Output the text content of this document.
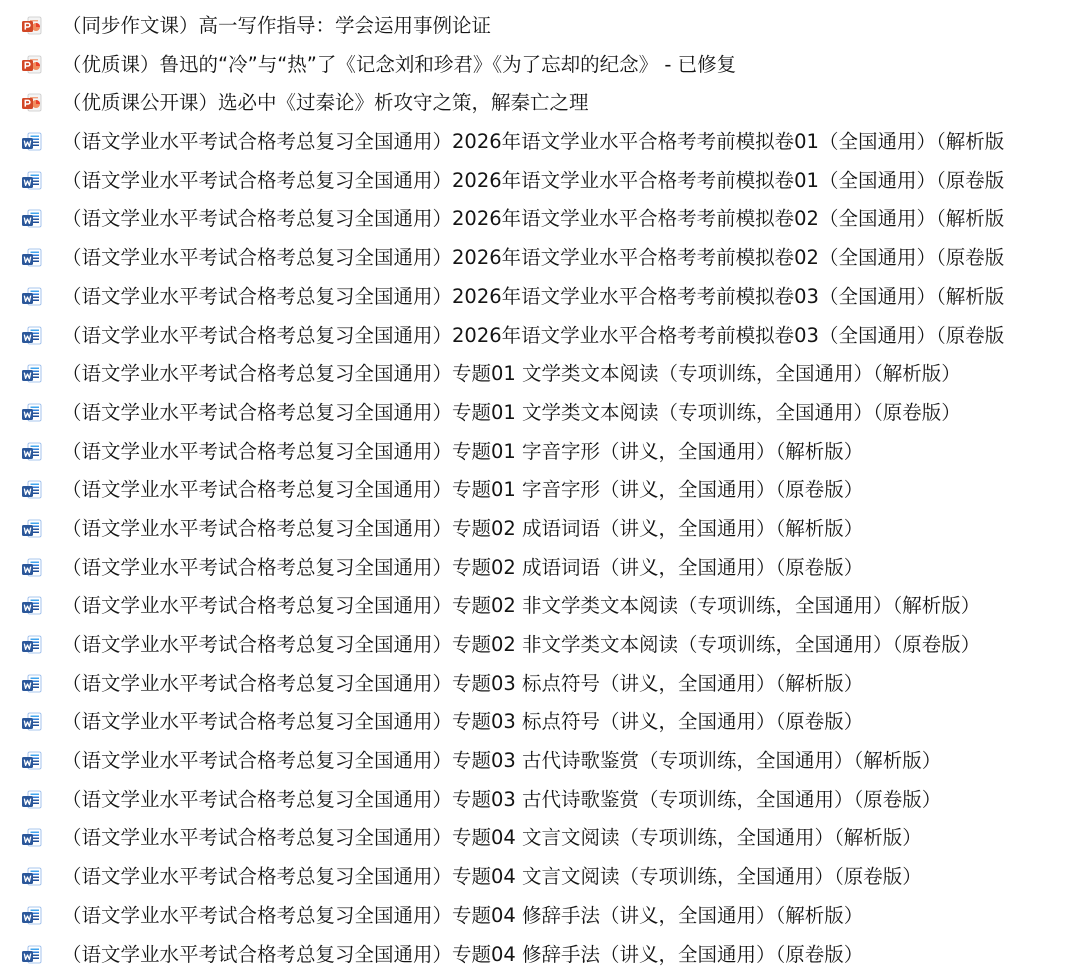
（同步作文课）高一写作指导：学会运用事例论证
（优质课）鲁迅的“冷”与“热”了《记念刘和珍君》《为了忘却的纪念》 - 已修复
（优质课公开课）选必中《过秦论》析攻守之策，解秦亡之理
（语文学业水平考试合格考总复习全国通用）2026年语文学业水平合格考考前模拟卷01（全国通用）（解析版
（语文学业水平考试合格考总复习全国通用）2026年语文学业水平合格考考前模拟卷01（全国通用）（原卷版
（语文学业水平考试合格考总复习全国通用）2026年语文学业水平合格考考前模拟卷02（全国通用）（解析版
（语文学业水平考试合格考总复习全国通用）2026年语文学业水平合格考考前模拟卷02（全国通用）（原卷版
（语文学业水平考试合格考总复习全国通用）2026年语文学业水平合格考考前模拟卷03（全国通用）（解析版
（语文学业水平考试合格考总复习全国通用）2026年语文学业水平合格考考前模拟卷03（全国通用）（原卷版
（语文学业水平考试合格考总复习全国通用）专题01 文学类文本阅读（专项训练，全国通用）（解析版）
（语文学业水平考试合格考总复习全国通用）专题01 文学类文本阅读（专项训练，全国通用）（原卷版）
（语文学业水平考试合格考总复习全国通用）专题01 字音字形（讲义，全国通用）（解析版）
（语文学业水平考试合格考总复习全国通用）专题01 字音字形（讲义，全国通用）（原卷版）
（语文学业水平考试合格考总复习全国通用）专题02 成语词语（讲义，全国通用）（解析版）
（语文学业水平考试合格考总复习全国通用）专题02 成语词语（讲义，全国通用）（原卷版）
（语文学业水平考试合格考总复习全国通用）专题02 非文学类文本阅读（专项训练，全国通用）（解析版）
（语文学业水平考试合格考总复习全国通用）专题02 非文学类文本阅读（专项训练，全国通用）（原卷版）
（语文学业水平考试合格考总复习全国通用）专题03 标点符号（讲义，全国通用）（解析版）
（语文学业水平考试合格考总复习全国通用）专题03 标点符号（讲义，全国通用）（原卷版）
（语文学业水平考试合格考总复习全国通用）专题03 古代诗歌鉴赏（专项训练，全国通用）（解析版）
（语文学业水平考试合格考总复习全国通用）专题03 古代诗歌鉴赏（专项训练，全国通用）（原卷版）
（语文学业水平考试合格考总复习全国通用）专题04 文言文阅读（专项训练，全国通用）（解析版）
（语文学业水平考试合格考总复习全国通用）专题04 文言文阅读（专项训练，全国通用）（原卷版）
（语文学业水平考试合格考总复习全国通用）专题04 修辞手法（讲义，全国通用）（解析版）
（语文学业水平考试合格考总复习全国通用）专题04 修辞手法（讲义，全国通用）（原卷版）
